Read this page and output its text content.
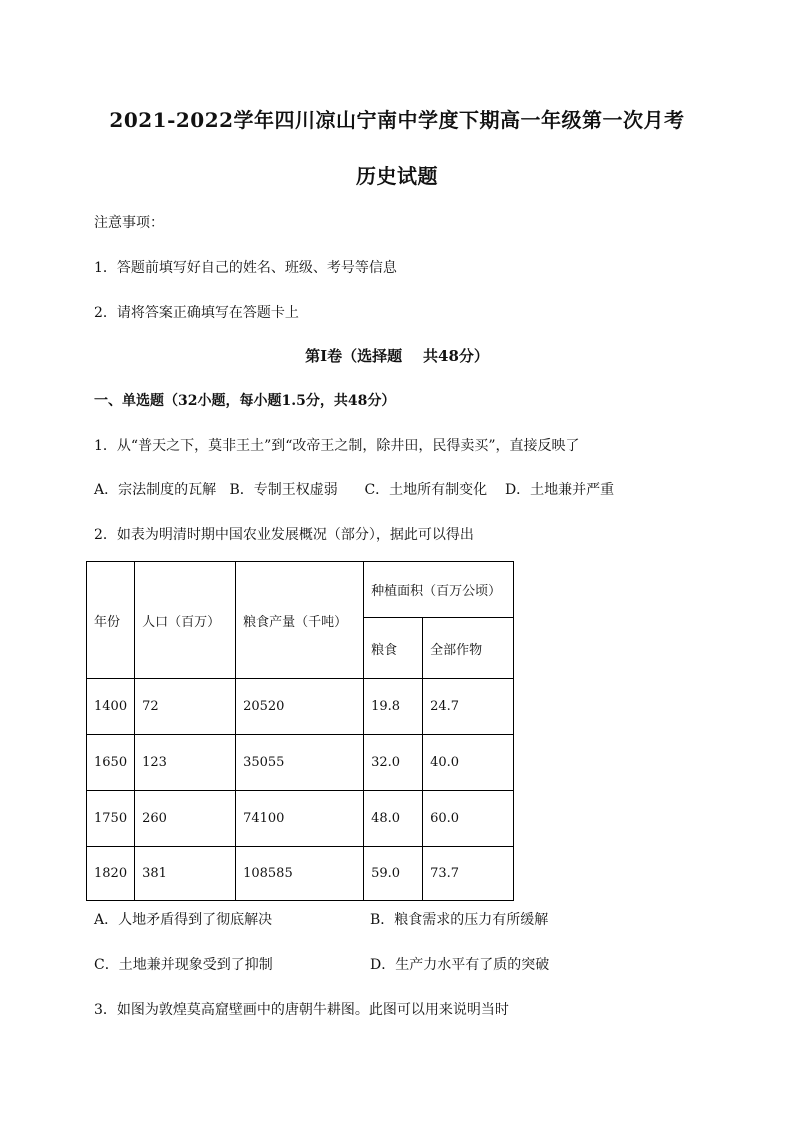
2021-2022学年四川凉山宁南中学度下期高一年级第一次月考
历史试题
注意事项：
1．答题前填写好自己的姓名、班级、考号等信息
2．请将答案正确填写在答题卡上
第Ⅰ卷（选择题    共48分）
一、单选题（32小题，每小题1.5分，共48分）
1．从“普天之下，莫非王土”到“改帝王之制，除井田，民得卖买”，直接反映了
A．宗法制度的瓦解   B．专制王权虚弱      C．土地所有制变化    D．土地兼并严重
2．如表为明清时期中国农业发展概况（部分），据此可以得出
年份	人口（百万）	粮食产量（千吨）	种植面积（百万公顷）	
			粮食	全部作物
1400	72	20520	19.8	24.7
1650	123	35055	32.0	40.0
1750	260	74100	48.0	60.0
1820	381	108585	59.0	73.7
A．人地矛盾得到了彻底解决	B．粮食需求的压力有所缓解
C．土地兼并现象受到了抑制	D．生产力水平有了质的突破
3．如图为敦煌莫高窟壁画中的唐朝牛耕图。此图可以用来说明当时
